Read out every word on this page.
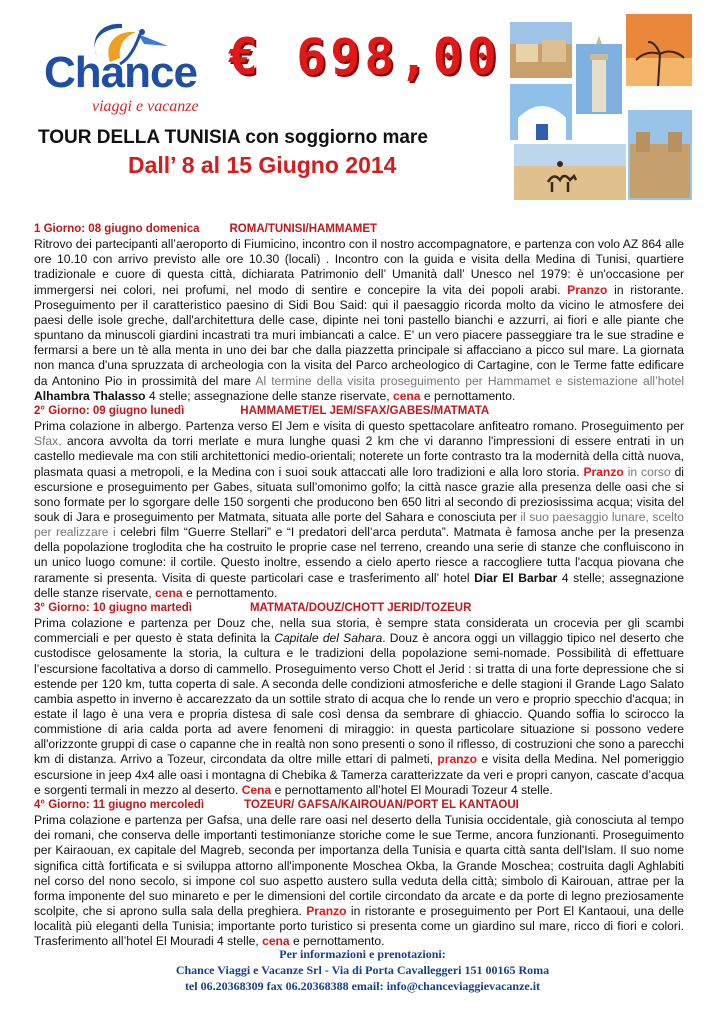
Chance
viaggi e vacanze
€ 698,00
TOUR DELLA TUNISIA con soggiorno mare
Dall’ 8 al 15 Giugno 2014
1 Giorno: 08 giugno domenica	ROMA/TUNISI/HAMMAMET

Ritrovo dei partecipanti all’aeroporto di Fiumicino, incontro con il nostro accompagnatore, e partenza con volo AZ 864 alle ore 10.10 con arrivo previsto alle ore 10.30 (locali) . Incontro con la guida e visita della Medina di Tunisi, quartiere tradizionale e cuore di questa città, dichiarata Patrimonio dell’ Umanità dall’ Unesco nel 1979: è un'occasione per immergersi nei colori, nei profumi, nel modo di sentire e concepire la vita dei popoli arabi. Pranzo in ristorante. Proseguimento per il caratteristico paesino di Sidi Bou Said: qui il paesaggio ricorda molto da vicino le atmosfere dei paesi delle isole greche, dall'architettura delle case, dipinte nei toni pastello bianchi e azzurri, ai fiori e alle piante che spuntano da minuscoli giardini incastrati tra muri imbiancati a calce. E' un vero piacere passeggiare tra le sue stradine e fermarsi a bere un tè alla menta in uno dei bar che dalla piazzetta principale si affacciano a picco sul mare. La giornata non manca d'una spruzzata di archeologia con la visita del Parco archeologico di Cartagine, con le Terme fatte edificare da Antonino Pio in prossimità del mare Al termine della visita proseguimento per Hammamet e sistemazione all’hotel Alhambra Thalasso 4 stelle; assegnazione delle stanze riservate, cena e pernottamento.

2° Giorno: 09 giugno lunedì	HAMMAMET/EL JEM/SFAX/GABES/MATMATA

Prima colazione in albergo. Partenza verso El Jem e visita di questo spettacolare anfiteatro romano. Proseguimento per Sfax, ancora avvolta da torri merlate e mura lunghe quasi 2 km che vi daranno l'impressioni di essere entrati in un castello medievale ma con stili architettonici medio-orientali; noterete un forte contrasto tra la modernità della città nuova, plasmata quasi a metropoli, e la Medina con i suoi souk attaccati alle loro tradizioni e alla loro storia. Pranzo in corso di escursione e proseguimento per Gabes, situata sull’omonimo golfo; la città nasce grazie alla presenza delle oasi che si sono formate per lo sgorgare delle 150 sorgenti che producono ben 650 litri al secondo di preziosissima acqua; visita del souk di Jara e proseguimento per Matmata, situata alle porte del Sahara e conosciuta per il suo paesaggio lunare, scelto per realizzare i celebri film “Guerre Stellari” e “I predatori dell’arca perduta”. Matmata è famosa anche per la presenza della popolazione troglodita che ha costruito le proprie case nel terreno, creando una serie di stanze che confluiscono in un unico luogo comune: il cortile. Questo inoltre, essendo a cielo aperto riesce a raccogliere tutta l'acqua piovana che raramente si presenta. Visita di queste particolari case e trasferimento all’ hotel Diar El Barbar 4 stelle; assegnazione delle stanze riservate, cena e pernottamento.

3° Giorno: 10 giugno martedì	MATMATA/DOUZ/CHOTT JERID/TOZEUR

Prima colazione e partenza per Douz che, nella sua storia, è sempre stata considerata un crocevia per gli scambi commerciali e per questo è stata definita la Capitale del Sahara. Douz è ancora oggi un villaggio tipico nel deserto che custodisce gelosamente la storia, la cultura e le tradizioni della popolazione semi-nomade. Possibilità di effettuare l’escursione facoltativa a dorso di cammello. Proseguimento verso Chott el Jerid : si tratta di una forte depressione che si estende per 120 km, tutta coperta di sale. A seconda delle condizioni atmosferiche e delle stagioni il Grande Lago Salato cambia aspetto in inverno è accarezzato da un sottile strato di acqua che lo rende un vero e proprio specchio d'acqua; in estate il lago è una vera e propria distesa di sale così densa da sembrare di ghiaccio. Quando soffia lo scirocco la commistione di aria calda porta ad avere fenomeni di miraggio: in questa particolare situazione si possono vedere all'orizzonte gruppi di case o capanne che in realtà non sono presenti o sono il riflesso, di costruzioni che sono a parecchi km di distanza. Arrivo a Tozeur, circondata da oltre mille ettari di palmeti, pranzo e visita della Medina. Nel pomeriggio escursione in jeep 4x4 alle oasi i montagna di Chebika & Tamerza caratterizzate da veri e propri canyon, cascate d’acqua e sorgenti termali in mezzo al deserto. Cena e pernottamento all’hotel El Mouradi Tozeur 4 stelle.

4° Giorno: 11 giugno mercoledì	TOZEUR/ GAFSA/KAIROUAN/PORT EL KANTAOUI

Prima colazione e partenza per Gafsa, una delle rare oasi nel deserto della Tunisia occidentale, già conosciuta al tempo dei romani, che conserva delle importanti testimonianze storiche come le sue Terme, ancora funzionanti. Proseguimento per Kairaouan, ex capitale del Magreb, seconda per importanza della Tunisia e quarta città santa dell'Islam. Il suo nome significa città fortificata e si sviluppa attorno all'imponente Moschea Okba, la Grande Moschea; costruita dagli Aghlabiti nel corso del nono secolo, si impone col suo aspetto austero sulla veduta della città; simbolo di Kairouan, attrae per la forma imponente del suo minareto e per le dimensioni del cortile circondato da arcate e da porte di legno preziosamente scolpite, che si aprono sulla sala della preghiera. Pranzo in ristorante e proseguimento per Port El Kantaoui, una delle località più eleganti della Tunisia; importante porto turistico si presenta come un giardino sul mare, ricco di fiori e colori. Trasferimento all’hotel El Mouradi 4 stelle, cena e pernottamento.

Per informazioni e prenotazioni:
Chance Viaggi e Vacanze Srl - Via di Porta Cavalleggeri 151 00165 Roma
tel 06.20368309 fax 06.20368388 email: info@chanceviaggievacanze.it
